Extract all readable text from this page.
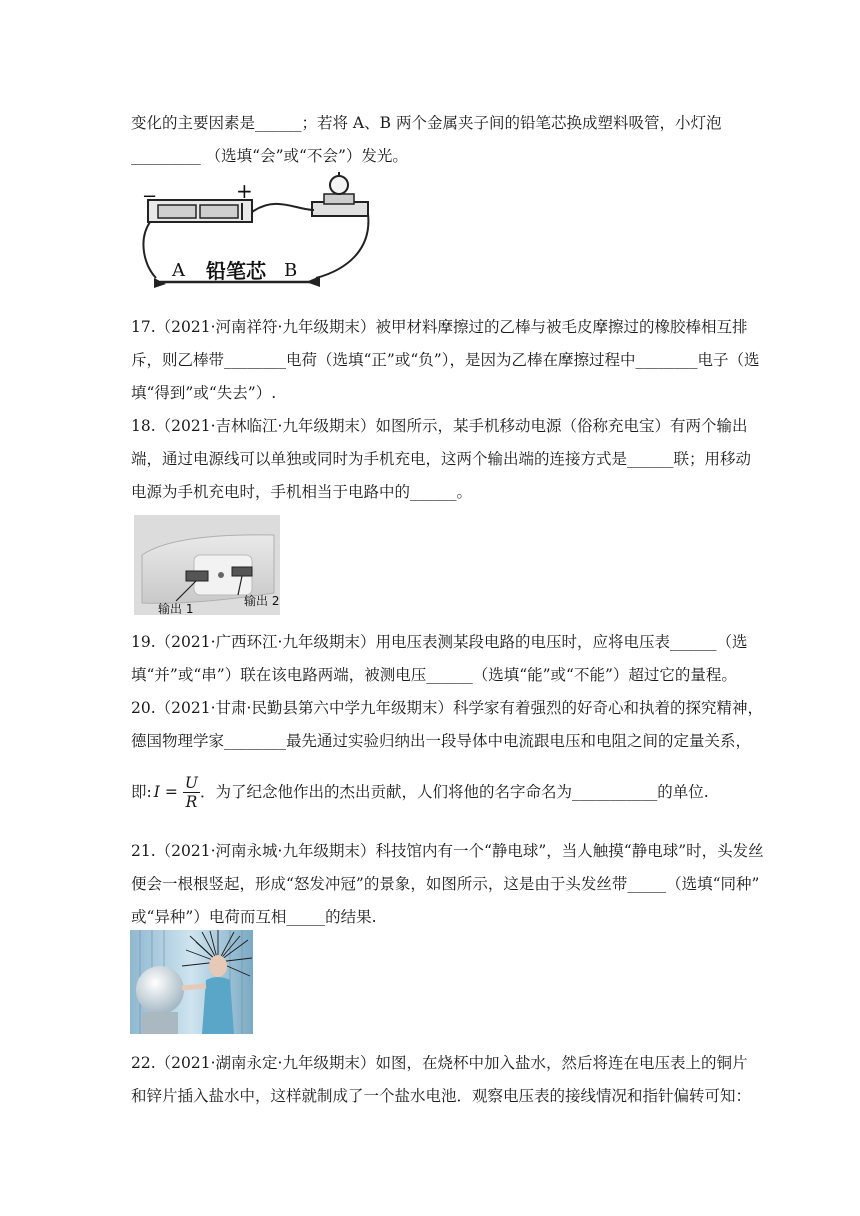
变化的主要因素是______；若将 A、B 两个金属夹子间的铅笔芯换成塑料吸管，小灯泡
_________ （选填“会”或“不会”）发光。
−	+
A 铅笔芯 B
17.（2021·河南祥符·九年级期末）被甲材料摩擦过的乙棒与被毛皮摩擦过的橡胶棒相互排
斥，则乙棒带________电荷（选填“正”或“负”），是因为乙棒在摩擦过程中________电子（选
填“得到”或“失去”）.
18.（2021·吉林临江·九年级期末）如图所示，某手机移动电源（俗称充电宝）有两个输出
端，通过电源线可以单独或同时为手机充电，这两个输出端的连接方式是______联；用移动
电源为手机充电时，手机相当于电路中的______。
输出 1
输出 2
19.（2021·广西环江·九年级期末）用电压表测某段电路的电压时，应将电压表______（选
填“并”或“串”）联在该电路两端，被测电压______（选填“能”或“不能”）超过它的量程。
20.（2021·甘肃·民勤县第六中学九年级期末）科学家有着强烈的好奇心和执着的探究精神，
德国物理学家________最先通过实验归纳出一段导体中电流跟电压和电阻之间的定量关系，
即: $I = \frac{U}{R}$ ．为了纪念他作出的杰出贡献，人们将他的名字命名为___________的单位.
21.（2021·河南永城·九年级期末）科技馆内有一个“静电球”，当人触摸“静电球”时，头发丝
便会一根根竖起，形成“怒发冲冠”的景象，如图所示，这是由于头发丝带_____（选填“同种”
或“异种”）电荷而互相_____的结果.
22.（2021·湖南永定·九年级期末）如图，在烧杯中加入盐水，然后将连在电压表上的铜片
和锌片插入盐水中，这样就制成了一个盐水电池．观察电压表的接线情况和指针偏转可知：
